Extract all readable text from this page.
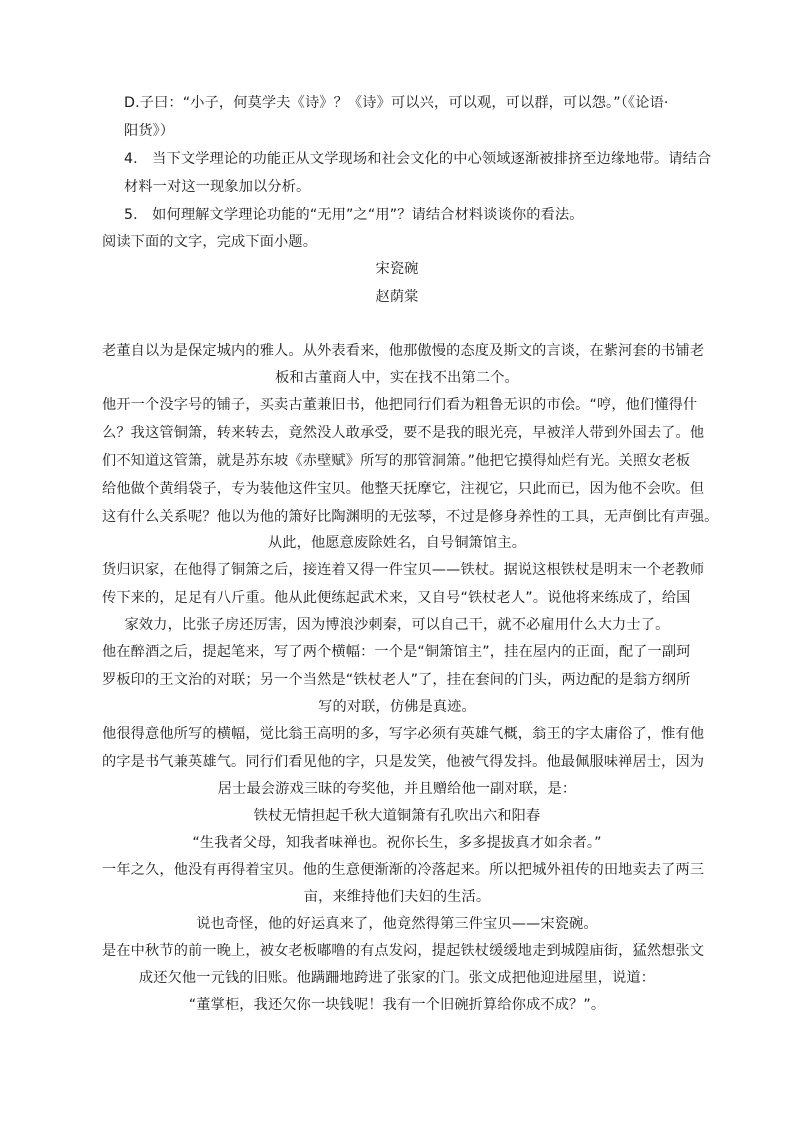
D.子曰：“小子，何莫学夫《诗》？《诗》可以兴，可以观，可以群，可以怨。”（《论语·
阳货》）
4.　当下文学理论的功能正从文学现场和社会文化的中心领域逐渐被排挤至边缘地带。请结合
材料一对这一现象加以分析。
5.　如何理解文学理论功能的“无用”之“用”？请结合材料谈谈你的看法。
阅读下面的文字，完成下面小题。
宋瓷碗
赵荫棠
老董自以为是保定城内的雅人。从外表看来，他那傲慢的态度及斯文的言谈，在紫河套的书铺老
板和古董商人中，实在找不出第二个。
他开一个没字号的铺子，买卖古董兼旧书，他把同行们看为粗鲁无识的市侩。“哼，他们懂得什
么？我这管铜箫，转来转去，竟然没人敢承受，要不是我的眼光亮，早被洋人带到外国去了。他
们不知道这管箫，就是苏东坡《赤壁赋》所写的那管洞箫。”他把它摸得灿烂有光。关照女老板
给他做个黄绢袋子，专为装他这件宝贝。他整天抚摩它，注视它，只此而已，因为他不会吹。但
这有什么关系呢？他以为他的箫好比陶渊明的无弦琴，不过是修身养性的工具，无声倒比有声强。
从此，他愿意废除姓名，自号铜箫馆主。
货归识家，在他得了铜箫之后，接连着又得一件宝贝——铁杖。据说这根铁杖是明末一个老教师
传下来的，足足有八斤重。他从此便练起武术来，又自号“铁杖老人”。说他将来练成了，给国
家效力，比张子房还厉害，因为博浪沙刺秦，可以自己干，就不必雇用什么大力士了。
他在醉酒之后，提起笔来，写了两个横幅：一个是“铜箫馆主”，挂在屋内的正面，配了一副珂
罗板印的王文治的对联；另一个当然是“铁杖老人”了，挂在套间的门头，两边配的是翁方纲所
写的对联，仿佛是真迹。
他很得意他所写的横幅，觉比翁王高明的多，写字必须有英雄气概，翁王的字太庸俗了，惟有他
的字是书气兼英雄气。同行们看见他的字，只是发笑，他被气得发抖。他最佩服味禅居士，因为
居士最会游戏三昧的夸奖他，并且赠给他一副对联，是：
铁杖无情担起千秋大道铜箫有孔吹出六和阳春
“生我者父母，知我者味禅也。祝你长生，多多提拔真才如余者。”
一年之久，他没有再得着宝贝。他的生意便渐渐的冷落起来。所以把城外祖传的田地卖去了两三
亩，来维持他们夫妇的生活。
说也奇怪，他的好运真来了，他竟然得第三件宝贝——宋瓷碗。
是在中秋节的前一晚上，被女老板嘟噜的有点发闷，提起铁杖缓缓地走到城隍庙街，猛然想张文
成还欠他一元钱的旧账。他蹒跚地跨进了张家的门。张文成把他迎进屋里，说道：
“董掌柜，我还欠你一块钱呢！我有一个旧碗折算给你成不成？”。
